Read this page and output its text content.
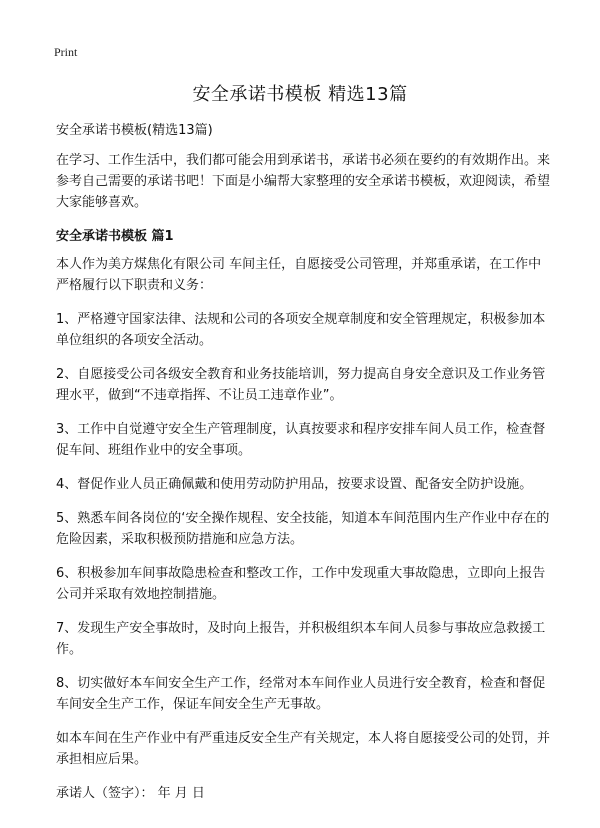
Print
安全承诺书模板 精选13篇

安全承诺书模板(精选13篇)

在学习、工作生活中，我们都可能会用到承诺书，承诺书必须在要约的有效期作出。来参考自己需要的承诺书吧！下面是小编帮大家整理的安全承诺书模板，欢迎阅读，希望大家能够喜欢。

安全承诺书模板 篇1

本人作为美方煤焦化有限公司 车间主任，自愿接受公司管理，并郑重承诺，在工作中严格履行以下职责和义务：

1、严格遵守国家法律、法规和公司的各项安全规章制度和安全管理规定，积极参加本单位组织的各项安全活动。

2、自愿接受公司各级安全教育和业务技能培训，努力提高自身安全意识及工作业务管理水平，做到“不违章指挥、不让员工违章作业”。

3、工作中自觉遵守安全生产管理制度，认真按要求和程序安排车间人员工作，检查督促车间、班组作业中的安全事项。

4、督促作业人员正确佩戴和使用劳动防护用品，按要求设置、配备安全防护设施。

5、熟悉车间各岗位的‘安全操作规程、安全技能，知道本车间范围内生产作业中存在的危险因素，采取积极预防措施和应急方法。

6、积极参加车间事故隐患检查和整改工作，工作中发现重大事故隐患，立即向上报告公司并采取有效地控制措施。

7、发现生产安全事故时，及时向上报告，并积极组织本车间人员参与事故应急救援工作。

8、切实做好本车间安全生产工作，经常对本车间作业人员进行安全教育，检查和督促车间安全生产工作，保证车间安全生产无事故。

如本车间在生产作业中有严重违反安全生产有关规定，本人将自愿接受公司的处罚，并承担相应后果。

承诺人（签字）： 年 月 日
